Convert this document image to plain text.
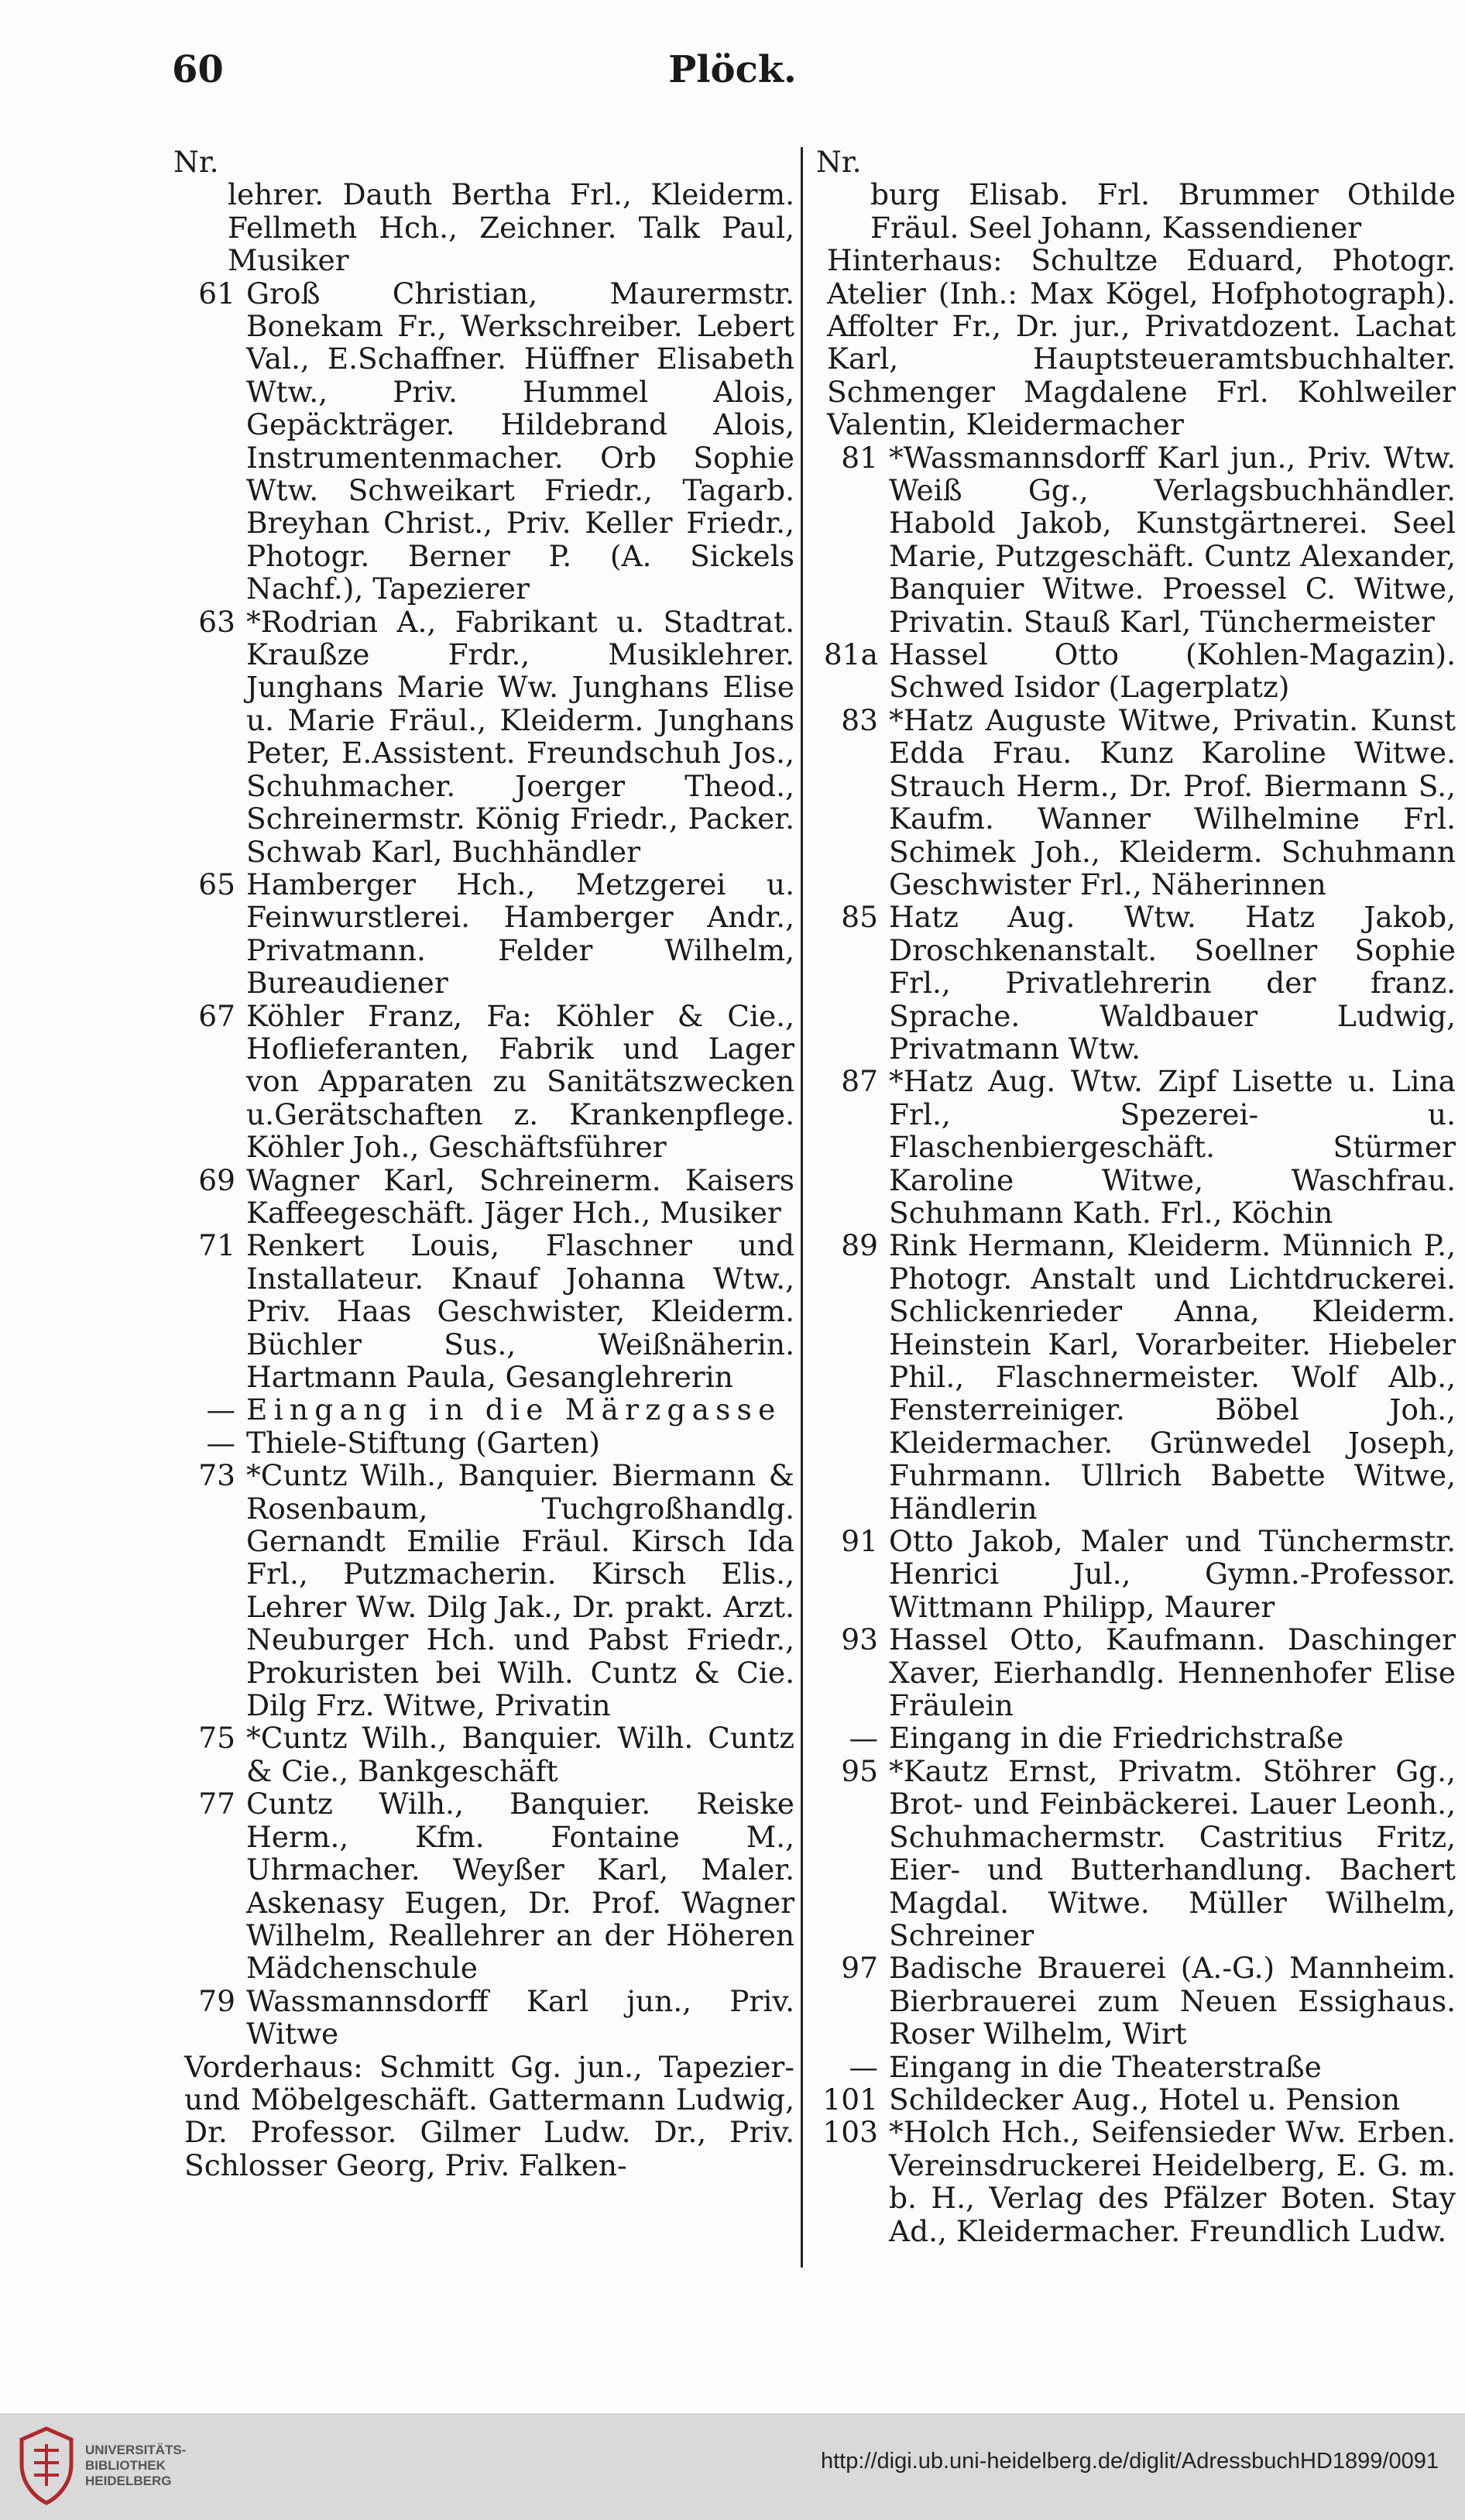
60	Plöck.
Nr.
lehrer. Dauth Bertha Frl., Kleiderm. Fellmeth Hch., Zeichner. Talk Paul, Musiker
61 Groß Christian, Maurermstr. Bonekam Fr., Werkschreiber. Lebert Val., E.Schaffner. Hüffner Elisabeth Wtw., Priv. Hummel Alois, Gepäckträger. Hildebrand Alois, Instrumentenmacher. Orb Sophie Wtw. Schweikart Friedr., Tagarb. Breyhan Christ., Priv. Keller Friedr., Photogr. Berner P. (A. Sickels Nachf.), Tapezierer
63 *Rodrian A., Fabrikant u. Stadtrat. Kraußze Frdr., Musiklehrer. Junghans Marie Ww. Junghans Elise u. Marie Fräul., Kleiderm. Junghans Peter, E.Assistent. Freundschuh Jos., Schuhmacher. Joerger Theod., Schreinermstr. König Friedr., Packer. Schwab Karl, Buchhändler
65 Hamberger Hch., Metzgerei u. Feinwurstlerei. Hamberger Andr., Privatmann. Felder Wilhelm, Bureaudiener
67 Köhler Franz, Fa: Köhler & Cie., Hoflieferanten, Fabrik und Lager von Apparaten zu Sanitätszwecken u.Gerätschaften z. Krankenpflege. Köhler Joh., Geschäftsführer
69 Wagner Karl, Schreinerm. Kaisers Kaffeegeschäft. Jäger Hch., Musiker
71 Renkert Louis, Flaschner und Installateur. Knauf Johanna Wtw., Priv. Haas Geschwister, Kleiderm. Büchler Sus., Weißnäherin. Hartmann Paula, Gesanglehrerin
— Eingang in die Märzgasse
— Thiele-Stiftung (Garten)
73 *Cuntz Wilh., Banquier. Biermann & Rosenbaum, Tuchgroßhandlg. Gernandt Emilie Fräul. Kirsch Ida Frl., Putzmacherin. Kirsch Elis., Lehrer Ww. Dilg Jak., Dr. prakt. Arzt. Neuburger Hch. und Pabst Friedr., Prokuristen bei Wilh. Cuntz & Cie. Dilg Frz. Witwe, Privatin
75 *Cuntz Wilh., Banquier. Wilh. Cuntz & Cie., Bankgeschäft
77 Cuntz Wilh., Banquier. Reiske Herm., Kfm. Fontaine M., Uhrmacher. Weyßer Karl, Maler. Askenasy Eugen, Dr. Prof. Wagner Wilhelm, Reallehrer an der Höheren Mädchenschule
79 Wassmannsdorff Karl jun., Priv. Witwe
Vorderhaus: Schmitt Gg. jun., Tapezier- und Möbelgeschäft. Gattermann Ludwig, Dr. Professor. Gilmer Ludw. Dr., Priv. Schlosser Georg, Priv. Falken-
Nr.
burg Elisab. Frl. Brummer Othilde Fräul. Seel Johann, Kassendiener
Hinterhaus: Schultze Eduard, Photogr. Atelier (Inh.: Max Kögel, Hofphotograph). Affolter Fr., Dr. jur., Privatdozent. Lachat Karl, Hauptsteueramtsbuchhalter. Schmenger Magdalene Frl. Kohlweiler Valentin, Kleidermacher
81 *Wassmannsdorff Karl jun., Priv. Wtw. Weiß Gg., Verlagsbuchhändler. Habold Jakob, Kunstgärtnerei. Seel Marie, Putzgeschäft. Cuntz Alexander, Banquier Witwe. Proessel C. Witwe, Privatin. Stauß Karl, Tünchermeister
81a Hassel Otto (Kohlen-Magazin). Schwed Isidor (Lagerplatz)
83 *Hatz Auguste Witwe, Privatin. Kunst Edda Frau. Kunz Karoline Witwe. Strauch Herm., Dr. Prof. Biermann S., Kaufm. Wanner Wilhelmine Frl. Schimek Joh., Kleiderm. Schuhmann Geschwister Frl., Näherinnen
85 Hatz Aug. Wtw. Hatz Jakob, Droschkenanstalt. Soellner Sophie Frl., Privatlehrerin der franz. Sprache. Waldbauer Ludwig, Privatmann Wtw.
87 *Hatz Aug. Wtw. Zipf Lisette u. Lina Frl., Spezerei- u. Flaschenbiergeschäft. Stürmer Karoline Witwe, Waschfrau. Schuhmann Kath. Frl., Köchin
89 Rink Hermann, Kleiderm. Münnich P., Photogr. Anstalt und Lichtdruckerei. Schlickenrieder Anna, Kleiderm. Heinstein Karl, Vorarbeiter. Hiebeler Phil., Flaschnermeister. Wolf Alb., Fensterreiniger. Böbel Joh., Kleidermacher. Grünwedel Joseph, Fuhrmann. Ullrich Babette Witwe, Händlerin
91 Otto Jakob, Maler und Tünchermstr. Henrici Jul., Gymn.-Professor. Wittmann Philipp, Maurer
93 Hassel Otto, Kaufmann. Daschinger Xaver, Eierhandlg. Hennenhofer Elise Fräulein
— Eingang in die Friedrichstraße
95 *Kautz Ernst, Privatm. Stöhrer Gg., Brot- und Feinbäckerei. Lauer Leonh., Schuhmachermstr. Castritius Fritz, Eier- und Butterhandlung. Bachert Magdal. Witwe. Müller Wilhelm, Schreiner
97 Badische Brauerei (A.-G.) Mannheim. Bierbrauerei zum Neuen Essighaus. Roser Wilhelm, Wirt
— Eingang in die Theaterstraße
101 Schildecker Aug., Hotel u. Pension
103 *Holch Hch., Seifensieder Ww. Erben. Vereinsdruckerei Heidelberg, E. G. m. b. H., Verlag des Pfälzer Boten. Stay Ad., Kleidermacher. Freundlich Ludw.
UNIVERSITÄTS-
BIBLIOTHEK
HEIDELBERG
http://digi.ub.uni-heidelberg.de/diglit/AdressbuchHD1899/0091
